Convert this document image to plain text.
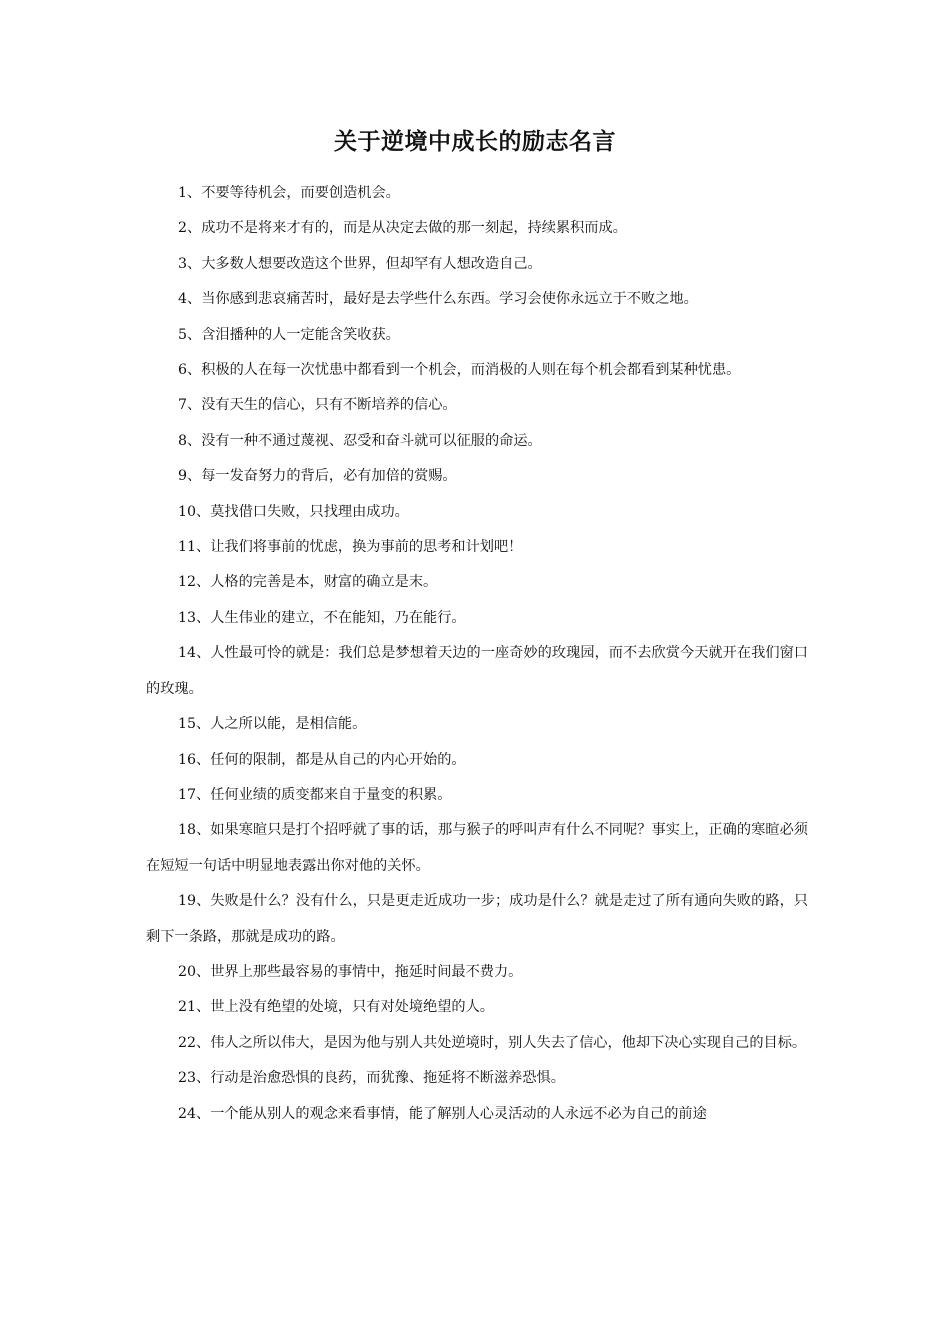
关于逆境中成长的励志名言

1、不要等待机会，而要创造机会。

2、成功不是将来才有的，而是从决定去做的那一刻起，持续累积而成。

3、大多数人想要改造这个世界，但却罕有人想改造自己。

4、当你感到悲哀痛苦时，最好是去学些什么东西。学习会使你永远立于不败之地。

5、含泪播种的人一定能含笑收获。

6、积极的人在每一次忧患中都看到一个机会，而消极的人则在每个机会都看到某种忧患。

7、没有天生的信心，只有不断培养的信心。

8、没有一种不通过蔑视、忍受和奋斗就可以征服的命运。

9、每一发奋努力的背后，必有加倍的赏赐。

10、莫找借口失败，只找理由成功。

11、让我们将事前的忧虑，换为事前的思考和计划吧！

12、人格的完善是本，财富的确立是末。

13、人生伟业的建立，不在能知，乃在能行。

14、人性最可怜的就是：我们总是梦想着天边的一座奇妙的玫瑰园，而不去欣赏今天就开在我们窗口的玫瑰。

15、人之所以能，是相信能。

16、任何的限制，都是从自己的内心开始的。

17、任何业绩的质变都来自于量变的积累。

18、如果寒暄只是打个招呼就了事的话，那与猴子的呼叫声有什么不同呢？事实上，正确的寒暄必须在短短一句话中明显地表露出你对他的关怀。

19、失败是什么？没有什么，只是更走近成功一步；成功是什么？就是走过了所有通向失败的路，只剩下一条路，那就是成功的路。

20、世界上那些最容易的事情中，拖延时间最不费力。

21、世上没有绝望的处境，只有对处境绝望的人。

22、伟人之所以伟大，是因为他与别人共处逆境时，别人失去了信心，他却下决心实现自己的目标。

23、行动是治愈恐惧的良药，而犹豫、拖延将不断滋养恐惧。

24、一个能从别人的观念来看事情，能了解别人心灵活动的人永远不必为自己的前途
